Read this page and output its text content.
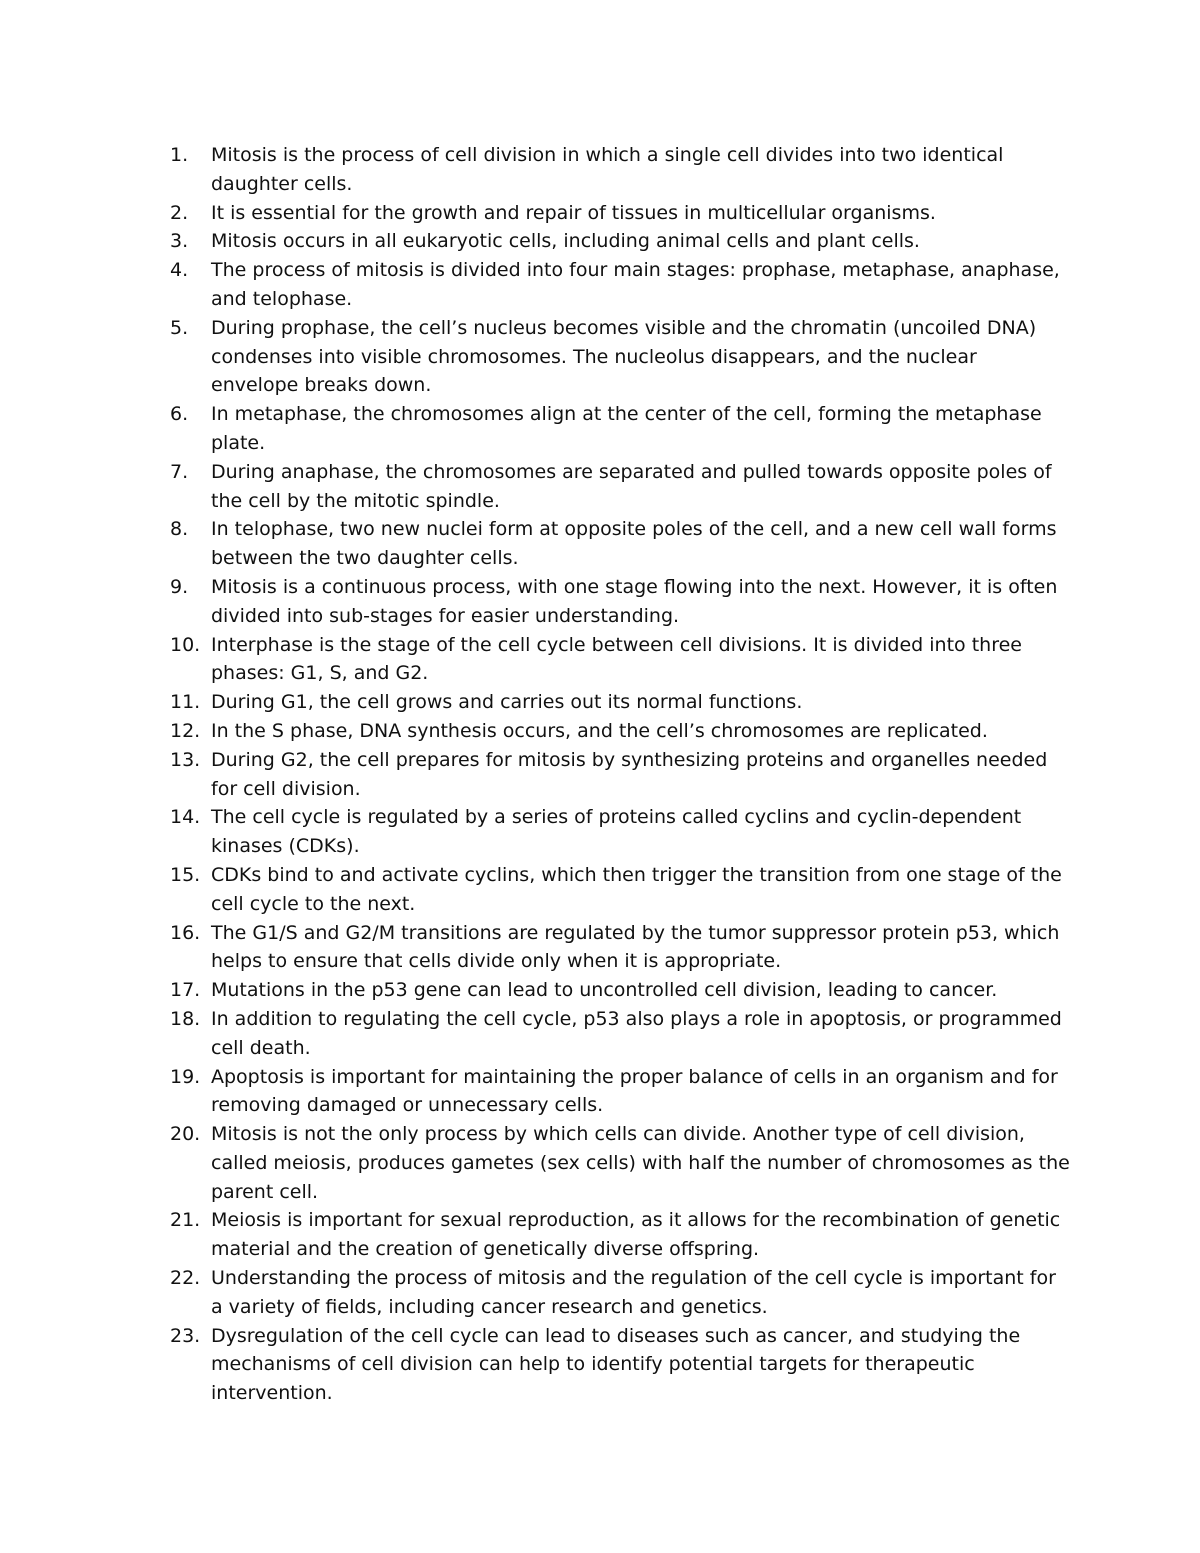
1.	Mitosis is the process of cell division in which a single cell divides into two identical daughter cells.
2.	It is essential for the growth and repair of tissues in multicellular organisms.
3.	Mitosis occurs in all eukaryotic cells, including animal cells and plant cells.
4.	The process of mitosis is divided into four main stages: prophase, metaphase, anaphase, and telophase.
5.	During prophase, the cell’s nucleus becomes visible and the chromatin (uncoiled DNA) condenses into visible chromosomes. The nucleolus disappears, and the nuclear envelope breaks down.
6.	In metaphase, the chromosomes align at the center of the cell, forming the metaphase plate.
7.	During anaphase, the chromosomes are separated and pulled towards opposite poles of the cell by the mitotic spindle.
8.	In telophase, two new nuclei form at opposite poles of the cell, and a new cell wall forms between the two daughter cells.
9.	Mitosis is a continuous process, with one stage flowing into the next. However, it is often divided into sub-stages for easier understanding.
10. Interphase is the stage of the cell cycle between cell divisions. It is divided into three phases: G1, S, and G2.
11. During G1, the cell grows and carries out its normal functions.
12. In the S phase, DNA synthesis occurs, and the cell’s chromosomes are replicated.
13. During G2, the cell prepares for mitosis by synthesizing proteins and organelles needed for cell division.
14. The cell cycle is regulated by a series of proteins called cyclins and cyclin-dependent kinases (CDKs).
15. CDKs bind to and activate cyclins, which then trigger the transition from one stage of the cell cycle to the next.
16. The G1/S and G2/M transitions are regulated by the tumor suppressor protein p53, which helps to ensure that cells divide only when it is appropriate.
17. Mutations in the p53 gene can lead to uncontrolled cell division, leading to cancer.
18. In addition to regulating the cell cycle, p53 also plays a role in apoptosis, or programmed cell death.
19. Apoptosis is important for maintaining the proper balance of cells in an organism and for removing damaged or unnecessary cells.
20. Mitosis is not the only process by which cells can divide. Another type of cell division, called meiosis, produces gametes (sex cells) with half the number of chromosomes as the parent cell.
21. Meiosis is important for sexual reproduction, as it allows for the recombination of genetic material and the creation of genetically diverse offspring.
22. Understanding the process of mitosis and the regulation of the cell cycle is important for a variety of fields, including cancer research and genetics.
23. Dysregulation of the cell cycle can lead to diseases such as cancer, and studying the mechanisms of cell division can help to identify potential targets for therapeutic intervention.
